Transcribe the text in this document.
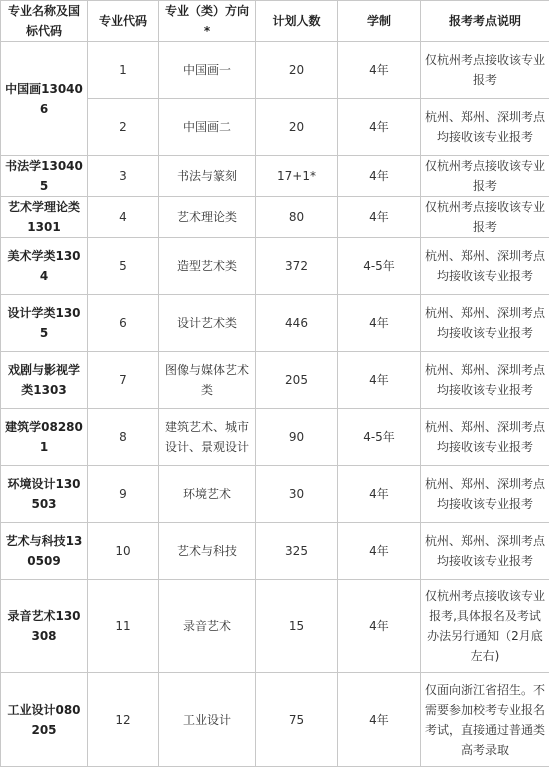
专业名称及国标代码	专业代码	专业（类）方向*	计划人数	学制	报考考点说明
中国画130406	1	中国画一	20	4年	仅杭州考点接收该专业报考
	2	中国画二	20	4年	杭州、郑州、深圳考点均接收该专业报考
书法学130405	3	书法与篆刻	17+1*	4年	仅杭州考点接收该专业报考
艺术学理论类1301	4	艺术理论类	80	4年	仅杭州考点接收该专业报考
美术学类1304	5	造型艺术类	372	4-5年	杭州、郑州、深圳考点均接收该专业报考
设计学类1305	6	设计艺术类	446	4年	杭州、郑州、深圳考点均接收该专业报考
戏剧与影视学类1303	7	图像与媒体艺术类	205	4年	杭州、郑州、深圳考点均接收该专业报考
建筑学082801	8	建筑艺术、城市设计、景观设计	90	4-5年	杭州、郑州、深圳考点均接收该专业报考
环境设计130503	9	环境艺术	30	4年	杭州、郑州、深圳考点均接收该专业报考
艺术与科技130509	10	艺术与科技	325	4年	杭州、郑州、深圳考点均接收该专业报考
录音艺术130308	11	录音艺术	15	4年	仅杭州考点接收该专业报考,具体报名及考试办法另行通知（2月底左右)
工业设计080205	12	工业设计	75	4年	仅面向浙江省招生。不需要参加校考专业报名考试，直接通过普通类高考录取
